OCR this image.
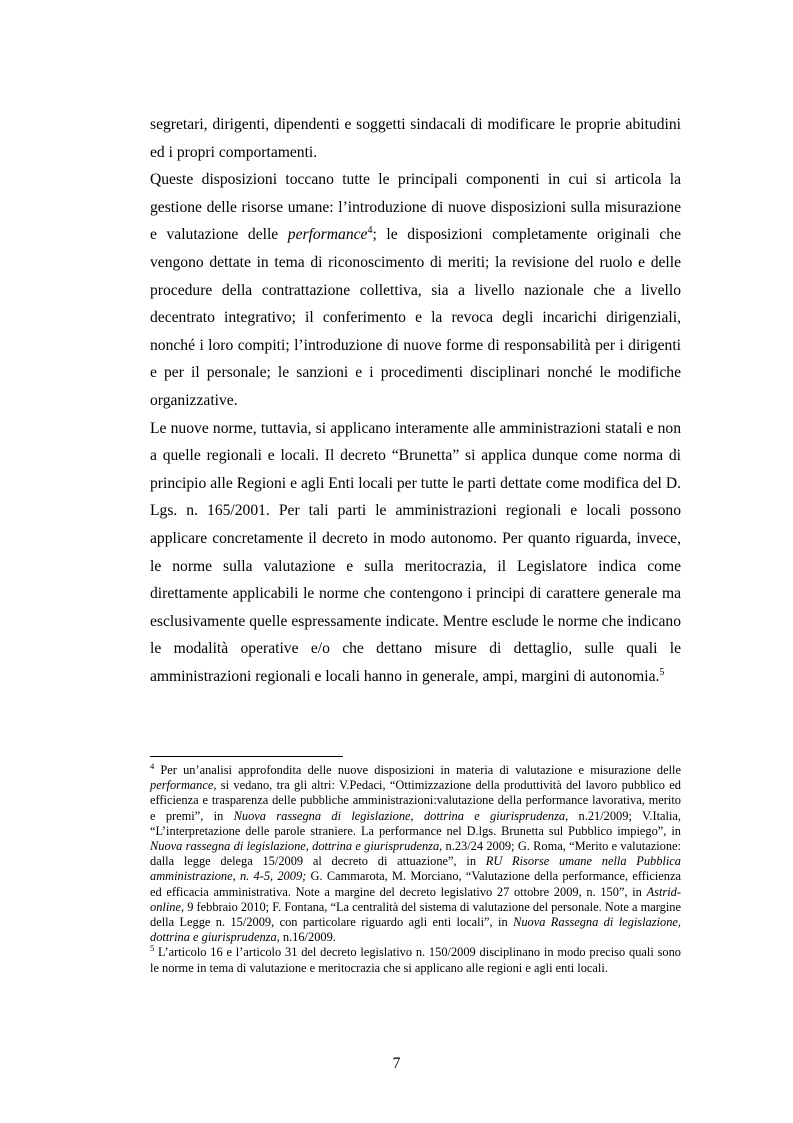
segretari, dirigenti, dipendenti e soggetti sindacali di modificare le proprie abitudini ed i propri comportamenti.

Queste disposizioni toccano tutte le principali componenti in cui si articola la gestione delle risorse umane: l’introduzione di nuove disposizioni sulla misurazione e valutazione delle performance$^4$; le disposizioni completamente originali che vengono dettate in tema di riconoscimento di meriti; la revisione del ruolo e delle procedure della contrattazione collettiva, sia a livello nazionale che a livello decentrato integrativo; il conferimento e la revoca degli incarichi dirigenziali, nonché i loro compiti; l’introduzione di nuove forme di responsabilità per i dirigenti e per il personale; le sanzioni e i procedimenti disciplinari nonché le modifiche organizzative.

Le nuove norme, tuttavia, si applicano interamente alle amministrazioni statali e non a quelle regionali e locali. Il decreto “Brunetta” si applica dunque come norma di principio alle Regioni e agli Enti locali per tutte le parti dettate come modifica del D. Lgs. n. 165/2001. Per tali parti le amministrazioni regionali e locali possono applicare concretamente il decreto in modo autonomo. Per quanto riguarda, invece, le norme sulla valutazione e sulla meritocrazia, il Legislatore indica come direttamente applicabili le norme che contengono i principi di carattere generale ma esclusivamente quelle espressamente indicate. Mentre esclude le norme che indicano le modalità operative e/o che dettano misure di dettaglio, sulle quali le amministrazioni regionali e locali hanno in generale, ampi, margini di autonomia.$^5$

$^4$ Per un’analisi approfondita delle nuove disposizioni in materia di valutazione e misurazione delle performance, si vedano, tra gli altri: V.Pedaci, “Ottimizzazione della produttività del lavoro pubblico ed efficienza e trasparenza delle pubbliche amministrazioni:valutazione della performance lavorativa, merito e premi”, in Nuova rassegna di legislazione, dottrina e giurisprudenza, n.21/2009; V.Italia, “L’interpretazione delle parole straniere. La performance nel D.lgs. Brunetta sul Pubblico impiego”, in Nuova rassegna di legislazione, dottrina e giurisprudenza, n.23/24 2009; G. Roma, “Merito e valutazione: dalla legge delega 15/2009 al decreto di attuazione”, in RU Risorse umane nella Pubblica amministrazione, n. 4-5, 2009; G. Cammarota, M. Morciano, “Valutazione della performance, efficienza ed efficacia amministrativa. Note a margine del decreto legislativo 27 ottobre 2009, n. 150”, in Astrid-online, 9 febbraio 2010; F. Fontana, “La centralità del sistema di valutazione del personale. Note a margine della Legge n. 15/2009, con particolare riguardo agli enti locali”, in Nuova Rassegna di legislazione, dottrina e giurisprudenza, n.16/2009.

$^5$ L’articolo 16 e l’articolo 31 del decreto legislativo n. 150/2009 disciplinano in modo preciso quali sono le norme in tema di valutazione e meritocrazia che si applicano alle regioni e agli enti locali.

7
